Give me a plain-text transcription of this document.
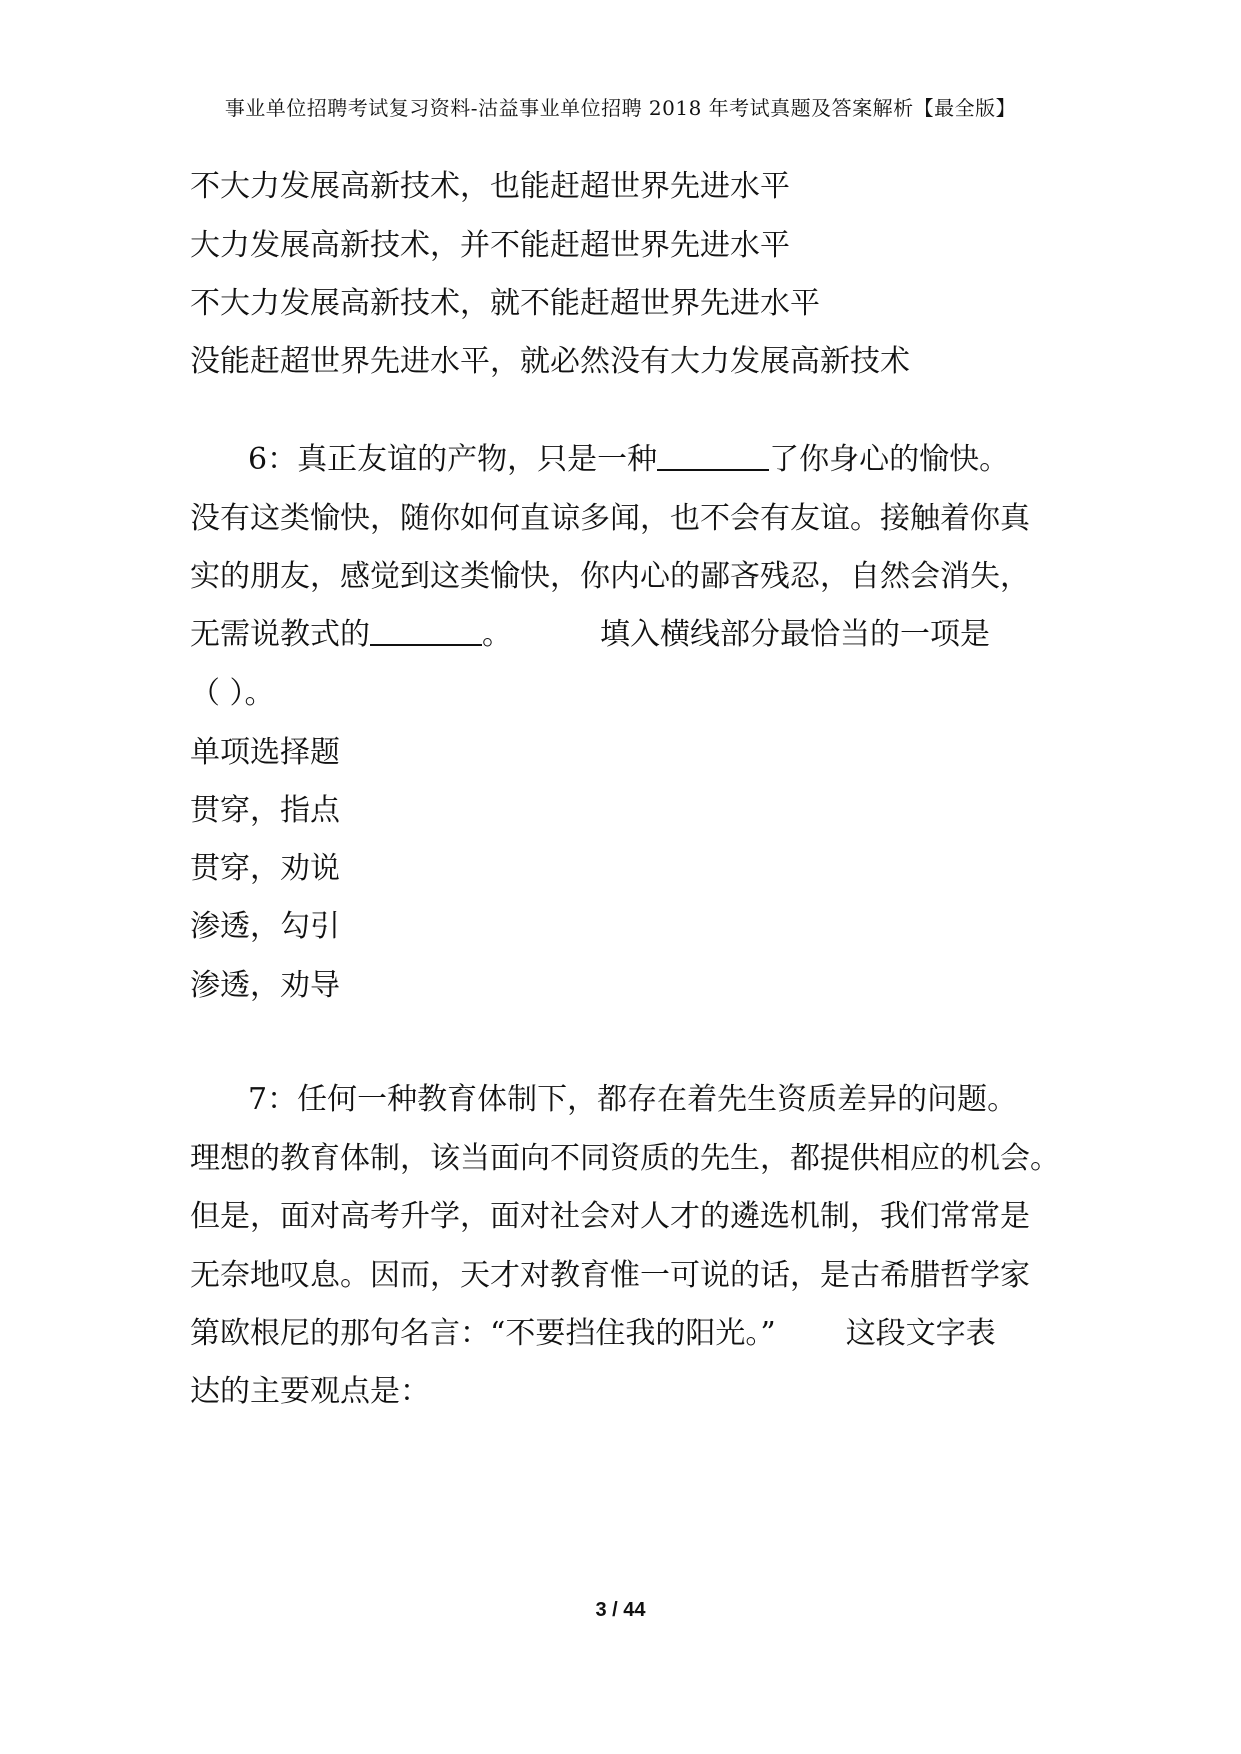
事业单位招聘考试复习资料-沽益事业单位招聘 2018 年考试真题及答案解析【最全版】
不大力发展高新技术，也能赶超世界先进水平
大力发展高新技术，并不能赶超世界先进水平
不大力发展高新技术，就不能赶超世界先进水平
没能赶超世界先进水平，就必然没有大力发展高新技术
6：真正友谊的产物，只是一种	了你身心的愉快。
没有这类愉快，随你如何直谅多闻，也不会有友谊。接触着你真
实的朋友，感觉到这类愉快，你内心的鄙吝残忍，自然会消失，
无需说教式的	。	填入横线部分最恰当的一项是
（ ）。
单项选择题
贯穿，指点
贯穿，劝说
渗透，勾引
渗透，劝导
7：任何一种教育体制下，都存在着先生资质差异的问题。
理想的教育体制，该当面向不同资质的先生，都提供相应的机会。
但是，面对高考升学，面对社会对人才的遴选机制，我们常常是
无奈地叹息。因而，天才对教育惟一可说的话，是古希腊哲学家
第欧根尼的那句名言：“不要挡住我的阳光。” 这段文字表
达的主要观点是：
3 / 44
